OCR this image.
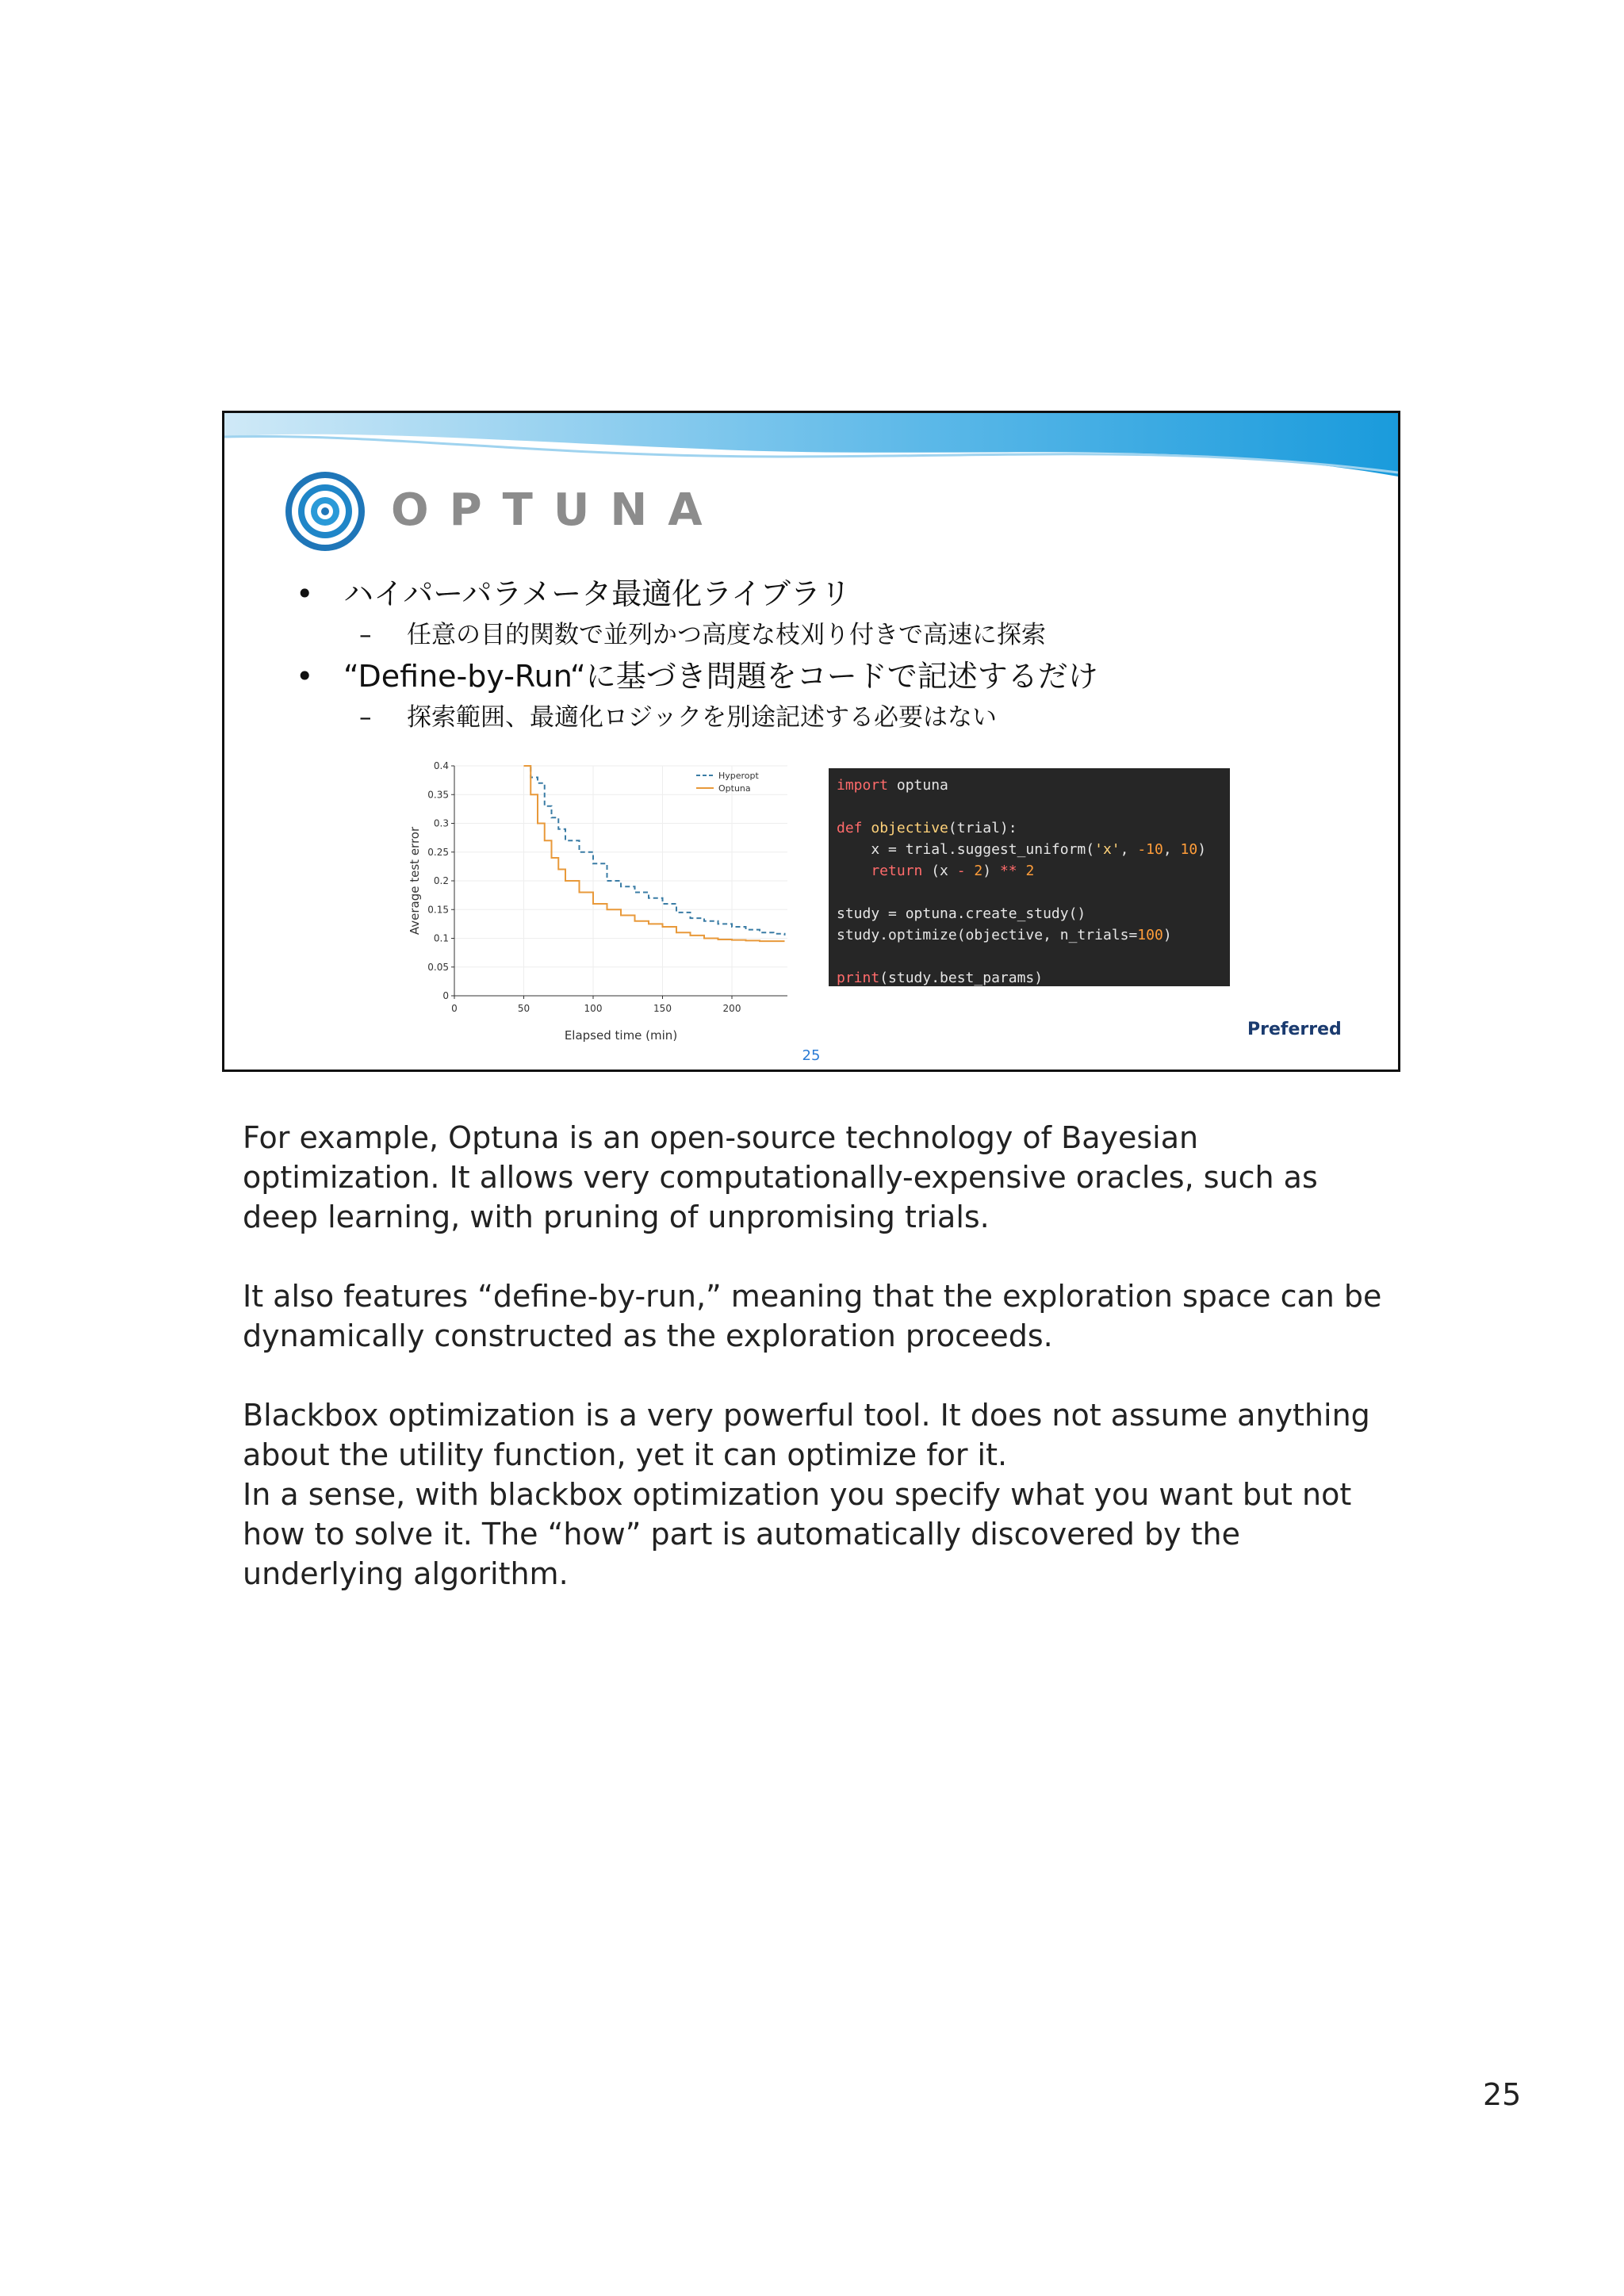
OPTUNA
• ハイパーパラメータ最適化ライブラリ
– 任意の目的関数で並列かつ高度な枝刈り付きで高速に探索
• “Define-by-Run“に基づき問題をコードで記述するだけ
– 探索範囲、最適化ロジックを別途記述する必要はない
0
0.05
0.1
0.15
0.2
0.25
0.3
0.35
0.4
0	50	100	150	200
Elapsed time (min)
Average test error
Hyperopt
Optuna	import optuna

def objective(trial):
x = trial.suggest_uniform('x', -10, 10)
return (x - 2) ** 2

study = optuna.create_study()
study.optimize(objective, n_trials=100)

print(study.best_params)
Preferred
25

For example, Optuna is an open-source technology of Bayesian optimization. It allows very computationally-expensive oracles, such as deep learning, with pruning of unpromising trials.

It also features “define-by-run,” meaning that the exploration space can be dynamically constructed as the exploration proceeds.

Blackbox optimization is a very powerful tool. It does not assume anything about the utility function, yet it can optimize for it.

In a sense, with blackbox optimization you specify what you want but not how to solve it. The “how” part is automatically discovered by the underlying algorithm.

25
